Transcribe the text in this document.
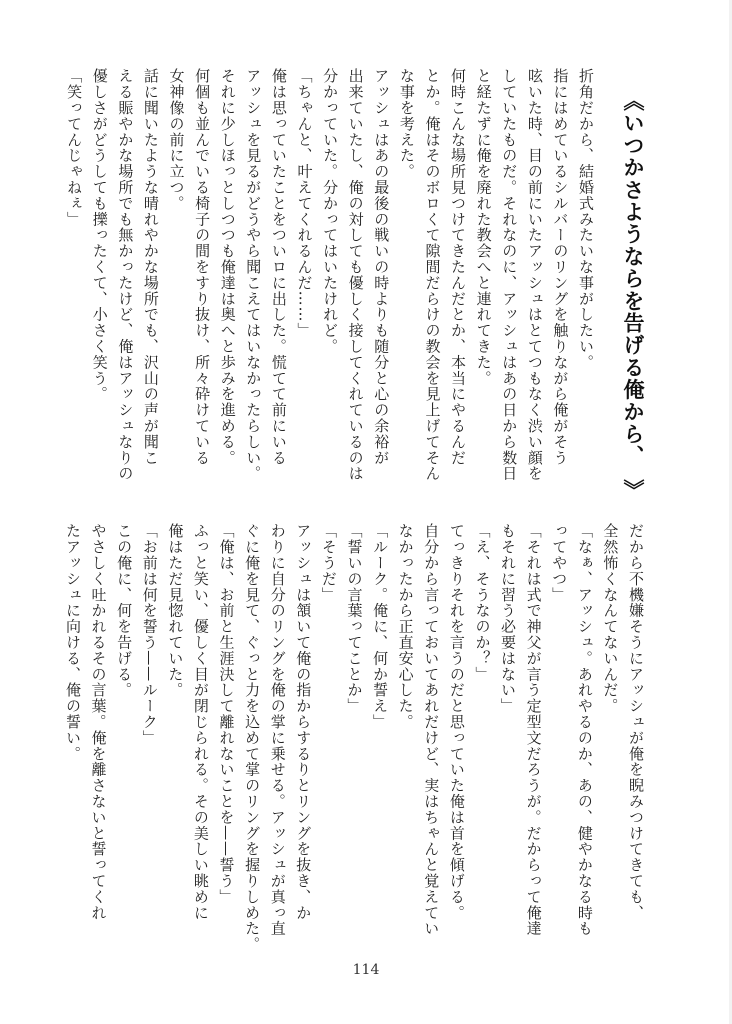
《いつかさようならを告げる俺から、　》

折角だから、結婚式みたいな事がしたい。

指にはめているシルバーのリングを触りながら俺がそう

呟いた時、目の前にいたアッシュはとてつもなく渋い顔を

していたものだ。それなのに、アッシュはあの日から数日

と経たずに俺を廃れた教会へと連れてきた。

何時こんな場所見つけてきたんだとか、本当にやるんだ

とか。俺はそのボロくて隙間だらけの教会を見上げてそん

な事を考えた。

アッシュはあの最後の戦いの時よりも随分と心の余裕が

出来ていたし、俺の対しても優しく接してくれているのは

分かっていた。分かってはいたけれど。

「ちゃんと、叶えてくれるんだ……」

俺は思っていたことをついロに出した。慌てて前にいる

アッシュを見るがどうやら聞こえてはいなかったらしい。

それに少しほっとしつつも俺達は奥へと歩みを進める。

何個も並んでいる椅子の間をすり抜け、所々砕けている

女神像の前に立つ。

話に聞いたような晴れやかな場所でも、沢山の声が聞こ

える賑やかな場所でも無かったけど、俺はアッシュなりの

優しさがどうしても擽ったくて、小さく笑う。

「笑ってんじゃねぇ」

だから不機嫌そうにアッシュが俺を睨みつけてきても、

全然怖くなんてないんだ。

「なぁ、アッシュ。あれやるのか、あの、健やかなる時も

ってやつ」

「それは式で神父が言う定型文だろうが。だからって俺達

もそれに習う必要はない」

「え、そうなのか？」

てっきりそれを言うのだと思っていた俺は首を傾げる。

自分から言っておいてあれだけど、実はちゃんと覚えてい

なかったから正直安心した。

「ルーク。俺に、何か誓え」

「誓いの言葉ってことか」

「そうだ」

アッシュは頷いて俺の指からするりとリングを抜き、か

わりに自分のリングを俺の掌に乗せる。アッシュが真っ直

ぐに俺を見て、ぐっと力を込めて掌のリングを握りしめた。

「俺は、お前と生涯決して離れないことを——誓う」

ふっと笑い、優しく目が閉じられる。その美しい眺めに

俺はただ見惚れていた。

「お前は何を誓う——ルーク」

この俺に、何を告げる。

やさしく吐かれるその言葉。俺を離さないと誓ってくれ

たアッシュに向ける、俺の誓い。

114
